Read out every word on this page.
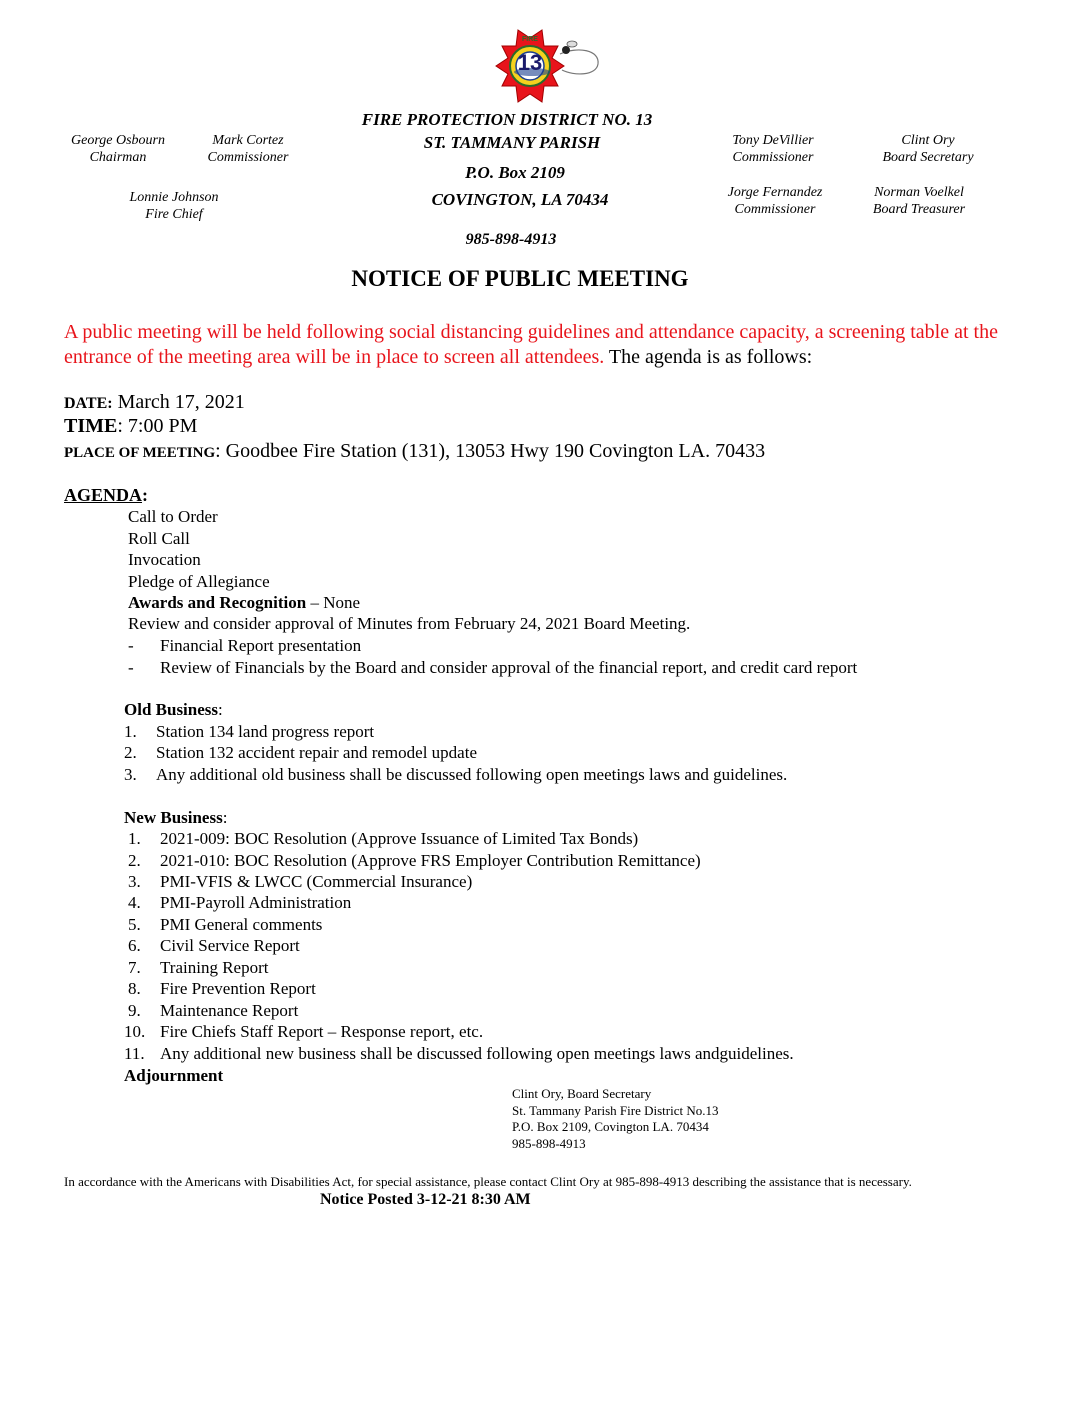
13
FIRE
FIRE PROTECTION DISTRICT NO. 13
ST. TAMMANY PARISH
P.O. Box 2109
COVINGTON, LA 70434
985-898-4913
George Osbourn
Chairman
Mark Cortez
Commissioner
Lonnie Johnson
Fire Chief
Tony DeVillier
Commissioner
Clint Ory
Board Secretary
Jorge Fernandez
Commissioner
Norman Voelkel
Board Treasurer
NOTICE OF PUBLIC MEETING
A public meeting will be held following social distancing guidelines and attendance capacity, a screening table at the entrance of the meeting area will be in place to screen all attendees. The agenda is as follows:
DATE: March 17, 2021
TIME: 7:00 PM
PLACE OF MEETING: Goodbee Fire Station (131), 13053 Hwy 190 Covington LA. 70433
AGENDA:
Call to Order
Roll Call
Invocation
Pledge of Allegiance
Awards and Recognition – None
Review and consider approval of Minutes from February 24, 2021 Board Meeting.
- Financial Report presentation
- Review of Financials by the Board and consider approval of the financial report, and credit card report
Old Business:
1. Station 134 land progress report
2. Station 132 accident repair and remodel update
3. Any additional old business shall be discussed following open meetings laws and guidelines.
New Business:
1. 2021-009: BOC Resolution (Approve Issuance of Limited Tax Bonds)
2. 2021-010: BOC Resolution (Approve FRS Employer Contribution Remittance)
3. PMI-VFIS & LWCC (Commercial Insurance)
4. PMI-Payroll Administration
5. PMI General comments
6. Civil Service Report
7. Training Report
8. Fire Prevention Report
9. Maintenance Report
10. Fire Chiefs Staff Report – Response report, etc.
11. Any additional new business shall be discussed following open meetings laws andguidelines.
Adjournment
Clint Ory, Board Secretary
St. Tammany Parish Fire District No.13
P.O. Box 2109, Covington LA. 70434
985-898-4913
In accordance with the Americans with Disabilities Act, for special assistance, please contact Clint Ory at 985-898-4913 describing the assistance that is necessary.
Notice Posted 3-12-21 8:30 AM
